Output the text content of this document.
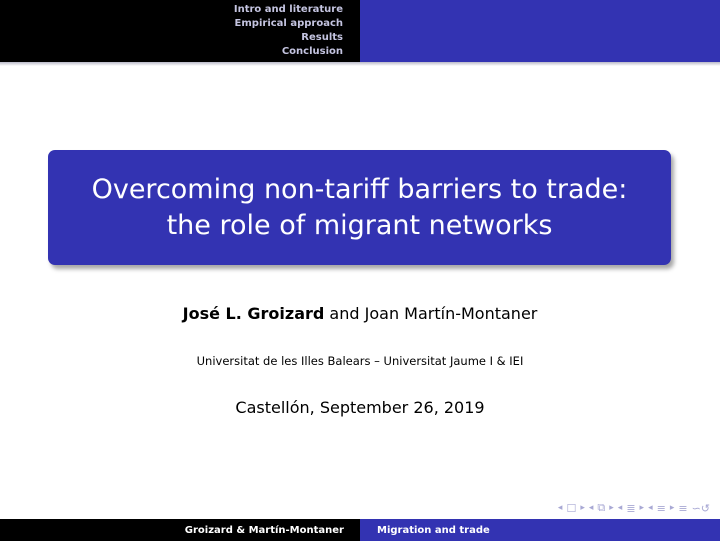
Intro and literature
Empirical approach
Results
Conclusion
Overcoming non-tariff barriers to trade:
the role of migrant networks
José L. Groizard and Joan Martín-Montaner
Universitat de les Illes Balears – Universitat Jaume I & IEI
Castellón, September 26, 2019
◂ ☐ ▸ ◂ ⧉ ▸ ◂ ≣ ▸ ◂ ≡ ▸ ≡ ∽↺
Groizard & Martín-Montaner	Migration and trade
